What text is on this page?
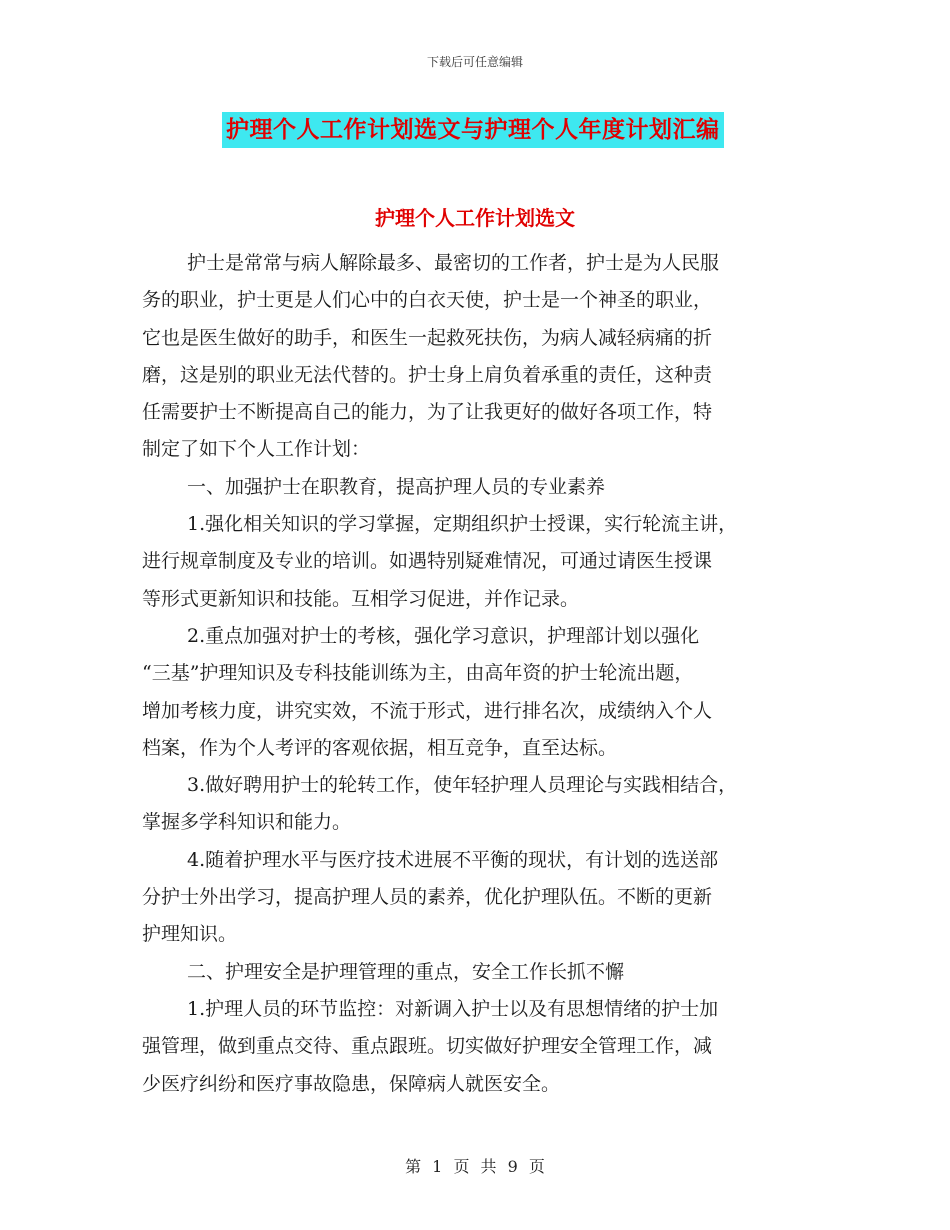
下载后可任意编辑
护理个人工作计划选文与护理个人年度计划汇编
护理个人工作计划选文
护士是常常与病人解除最多、最密切的工作者，护士是为人民服
务的职业，护士更是人们心中的白衣天使，护士是一个神圣的职业，
它也是医生做好的助手，和医生一起救死扶伤，为病人减轻病痛的折
磨，这是别的职业无法代替的。护士身上肩负着承重的责任，这种责
任需要护士不断提高自己的能力，为了让我更好的做好各项工作，特
制定了如下个人工作计划：
一、加强护士在职教育，提高护理人员的专业素养
1.强化相关知识的学习掌握，定期组织护士授课，实行轮流主讲，
进行规章制度及专业的培训。如遇特别疑难情况，可通过请医生授课
等形式更新知识和技能。互相学习促进，并作记录。
2.重点加强对护士的考核，强化学习意识，护理部计划以强化
“三基”护理知识及专科技能训练为主，由高年资的护士轮流出题，
增加考核力度，讲究实效，不流于形式，进行排名次，成绩纳入个人
档案，作为个人考评的客观依据，相互竞争，直至达标。
3.做好聘用护士的轮转工作，使年轻护理人员理论与实践相结合，
掌握多学科知识和能力。
4.随着护理水平与医疗技术进展不平衡的现状，有计划的选送部
分护士外出学习，提高护理人员的素养，优化护理队伍。不断的更新
护理知识。
二、护理安全是护理管理的重点，安全工作长抓不懈
1.护理人员的环节监控：对新调入护士以及有思想情绪的护士加
强管理，做到重点交待、重点跟班。切实做好护理安全管理工作，减
少医疗纠纷和医疗事故隐患，保障病人就医安全。
第 1 页 共 9 页
